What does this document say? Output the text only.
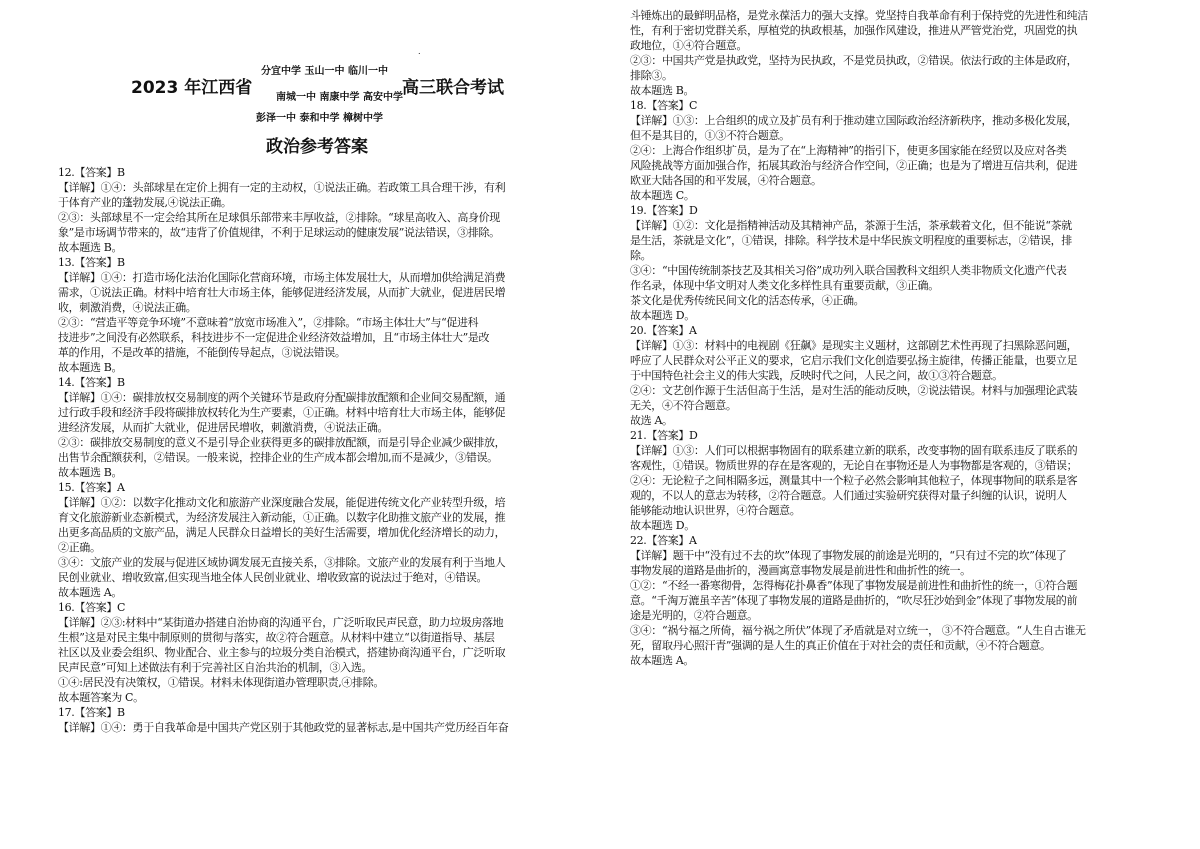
.
分宜中学 玉山一中 临川一中
2023 年江西省 南城一中 南康中学 高安中学 高三联合考试
彭泽一中 泰和中学 樟树中学
政治参考答案
12.【答案】B
【详解】①④：头部球星在定价上拥有一定的主动权，①说法正确。若政策工具合理干涉，有利
于体育产业的蓬勃发展,④说法正确。
②③：头部球星不一定会给其所在足球俱乐部带来丰厚收益，②排除。“球星高收入、高身价现
象”是市场调节带来的，故“违背了价值规律，不利于足球运动的健康发展”说法错误，③排除。
故本题选 B。
13.【答案】B
【详解】①④：打造市场化法治化国际化营商环境，市场主体发展壮大，从而增加供给满足消费
需求，①说法正确。材料中培育壮大市场主体，能够促进经济发展，从而扩大就业，促进居民增
收，刺激消费，④说法正确。
②③：“营造平等竞争环境”不意味着“放宽市场准入”，②排除。“市场主体壮大”与“促进科
技进步”之间没有必然联系，科技进步不一定促进企业经济效益增加，且“市场主体壮大”是改
革的作用，不是改革的措施，不能倒传导起点，③说法错误。
故本题选 B。
14.【答案】B
【详解】①④：碳排放权交易制度的两个关键环节是政府分配碳排放配额和企业间交易配额，通
过行政手段和经济手段将碳排放权转化为生产要素，①正确。材料中培育壮大市场主体，能够促
进经济发展，从而扩大就业，促进居民增收，刺激消费，④说法正确。
②③：碳排放交易制度的意义不是引导企业获得更多的碳排放配额，而是引导企业减少碳排放，
出售节余配额获利，②错误。一般来说，控排企业的生产成本都会增加,而不是减少，③错误。
故本题选 B。
15.【答案】A
【详解】①②：以数字化推动文化和旅游产业深度融合发展，能促进传统文化产业转型升级，培
育文化旅游新业态新模式，为经济发展注入新动能，①正确。以数字化助推文旅产业的发展，推
出更多高品质的文旅产品，满足人民群众日益增长的美好生活需要，增加优化经济增长的动力，
②正确。
③④：文旅产业的发展与促进区域协调发展无直接关系，③排除。文旅产业的发展有利于当地人
民创业就业、增收致富,但实现当地全体人民创业就业、增收致富的说法过于绝对，④错误。
故本题选 A。
16.【答案】C
【详解】②③:材料中“某街道办搭建自治协商的沟通平台，广泛听取民声民意，助力垃圾房落地
生根”这是对民主集中制原则的贯彻与落实，故②符合题意。从材料中建立“以街道指导、基层
社区以及业委会组织、物业配合、业主参与的垃圾分类自治模式，搭建协商沟通平台，广泛听取
民声民意”可知上述做法有利于完善社区自治共治的机制，③入选。
①④:居民没有决策权，①错误。材料未体现街道办管理职责,④排除。
故本题答案为 C。
17.【答案】B
【详解】①④：勇于自我革命是中国共产党区别于其他政党的显著标志,是中国共产党历经百年奋
斗锤炼出的最鲜明品格，是党永葆活力的强大支撑。党坚持自我革命有利于保持党的先进性和纯洁
性，有利于密切党群关系，厚植党的执政根基，加强作风建设，推进从严管党治党，巩固党的执
政地位，①④符合题意。
②③：中国共产党是执政党，坚持为民执政，不是党员执政，②错误。依法行政的主体是政府，
排除③。
故本题选 B。
18.【答案】C
【详解】①③：上合组织的成立及扩员有利于推动建立国际政治经济新秩序，推动多极化发展，
但不是其目的，①③不符合题意。
②④：上海合作组织扩员，是为了在“上海精神”的指引下，使更多国家能在经贸以及应对各类
风险挑战等方面加强合作，拓展其政治与经济合作空间，②正确；也是为了增进互信共利，促进
欧亚大陆各国的和平发展，④符合题意。
故本题选 C。
19.【答案】D
【详解】①②：文化是指精神活动及其精神产品，茶源于生活，茶承载着文化，但不能说“茶就
是生活，茶就是文化”，①错误，排除。科学技术是中华民族文明程度的重要标志，②错误，排
除。
③④：“中国传统制茶技艺及其相关习俗”成功列入联合国教科文组织人类非物质文化遗产代表
作名录，体现中华文明对人类文化多样性具有重要贡献，③正确。
茶文化是优秀传统民间文化的活态传承，④正确。
故本题选 D。
20.【答案】A
【详解】①③：材料中的电视剧《狂飙》是现实主义题材，这部剧艺术性再现了扫黑除恶问题，
呼应了人民群众对公平正义的要求，它启示我们文化创造要弘扬主旋律，传播正能量，也要立足
于中国特色社会主义的伟大实践，反映时代之问，人民之问，故①③符合题意。
②④：文艺创作源于生活但高于生活，是对生活的能动反映，②说法错误。材料与加强理论武装
无关，④不符合题意。
故选 A。
21.【答案】D
【详解】①③：人们可以根据事物固有的联系建立新的联系，改变事物的固有联系违反了联系的
客观性，①错误。物质世界的存在是客观的，无论自在事物还是人为事物都是客观的，③错误；
②④：无论粒子之间相隔多远，测量其中一个粒子必然会影响其他粒子，体现事物间的联系是客
观的，不以人的意志为转移，②符合题意。人们通过实验研究获得对量子纠缠的认识，说明人
能够能动地认识世界，④符合题意。
故本题选 D。
22.【答案】A
【详解】题干中“没有过不去的坎”体现了事物发展的前途是光明的，“只有过不完的坎”体现了
事物发展的道路是曲折的，漫画寓意事物发展是前进性和曲折性的统一。
①②：“不经一番寒彻骨，怎得梅花扑鼻香”体现了事物发展是前进性和曲折性的统一，①符合题
意。“千淘万漉虽辛苦”体现了事物发展的道路是曲折的，“吹尽狂沙始到金”体现了事物发展的前
途是光明的，②符合题意。
③④：“祸兮福之所倚，福兮祸之所伏”体现了矛盾就是对立统一， ③不符合题意。“人生自古谁无
死，留取丹心照汗青”强调的是人生的真正价值在于对社会的责任和贡献，④不符合题意。
故本题选 A。
